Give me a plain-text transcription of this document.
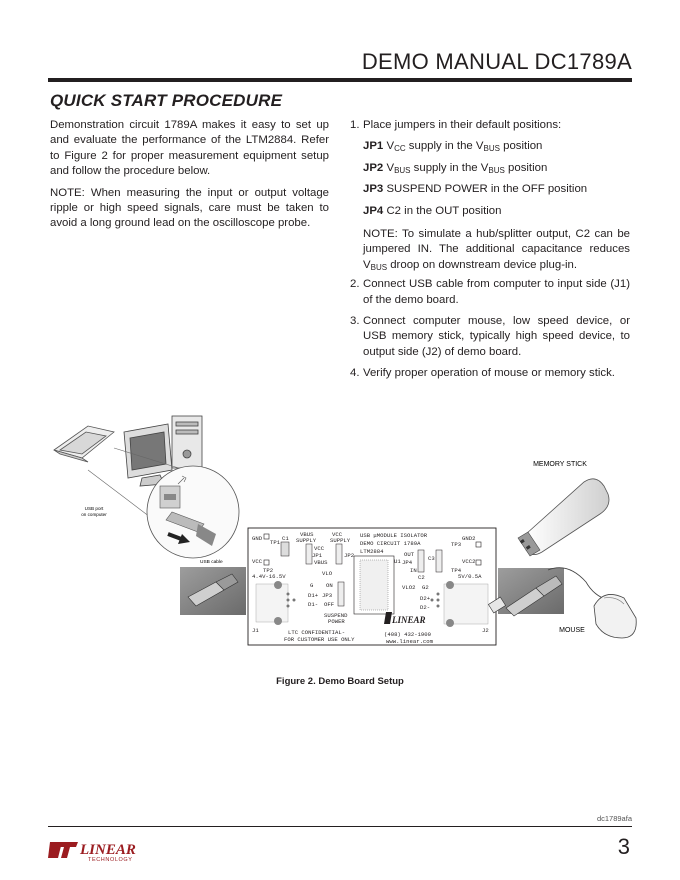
DEMO MANUAL DC1789A
QUICK START PROCEDURE

Demonstration circuit 1789A makes it easy to set up and evaluate the performance of the LTM2884. Refer to Figure 2 for proper measurement equipment setup and follow the procedure below.

NOTE: When measuring the input or output voltage ripple or high speed signals, care must be taken to avoid a long ground lead on the oscilloscope probe.

1. Place jumpers in their default positions:
JP1 $V_{CC}$ supply in the $V_{BUS}$ position
JP2 $V_{BUS}$ supply in the $V_{BUS}$ position
JP3 SUSPEND POWER in the OFF position
JP4 C2 in the OUT position
NOTE: To simulate a hub/splitter output, C2 can be jumpered IN. The additional capacitance reduces $V_{BUS}$ droop on downstream device plug-in.
2. Connect USB cable from computer to input side (J1) of the demo board.
3. Connect computer mouse, low speed device, or USB memory stick, typically high speed device, to output side (J2) of demo board.
4. Verify proper operation of mouse or memory stick.
USB port
on computer
USB cable
GND
TP1
C1
VCC
TP2
4.4V-16.5V
VBUS
SUPPLY
VCC
SUPPLY
JP1
VCC
VBUS
JP2
VLO
ON
JP3
OFF
SUSPEND
POWER
G
D1+
D1-
J1
USB μMODULE ISOLATOR
DEMO CIRCUIT 1789A
LTM2884
U1
OUT
JP4
IN
C2
C3
GND2
TP3
VCC2
TP4
5V/0.5A
VLO2 G2
D2+
D2-
J2
LTC CONFIDENTIAL-
FOR CUSTOMER USE ONLY
(408) 432-1900
www.linear.com
LINEAR
MEMORY STICK
MOUSE
Figure 2. Demo Board Setup
dc1789afa
LINEAR
TECHNOLOGY
3
